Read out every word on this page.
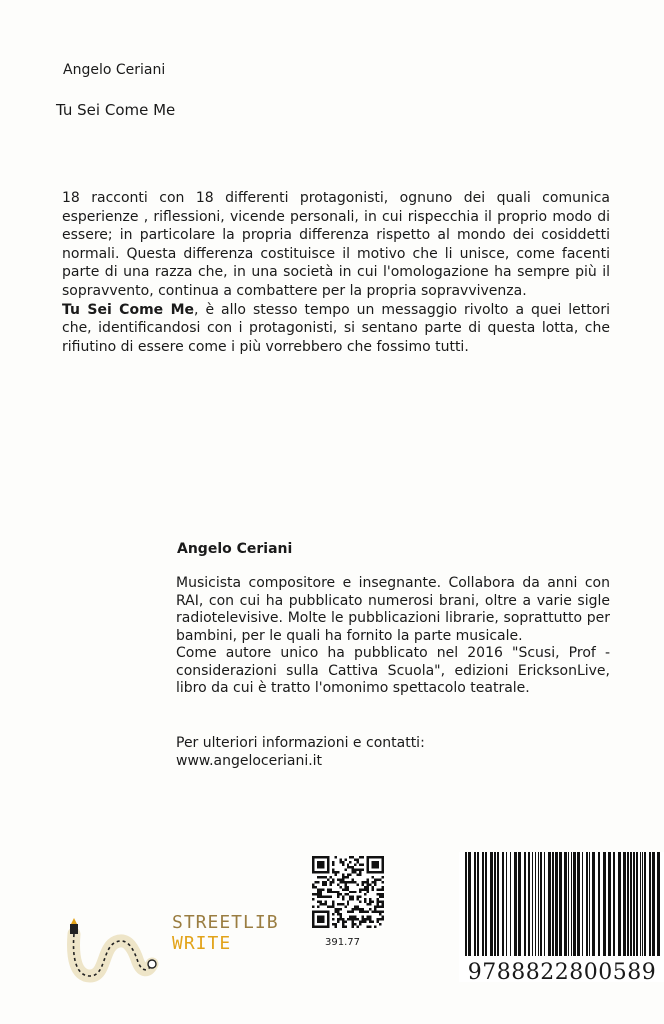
Angelo Ceriani
Tu Sei Come Me

18 racconti con 18 differenti protagonisti, ognuno dei quali comunica esperienze , riflessioni, vicende personali, in cui rispecchia il proprio modo di essere; in particolare la propria differenza rispetto al mondo dei cosiddetti normali. Questa differenza costituisce il motivo che li unisce, come facenti parte di una razza che, in una società in cui l'omologazione ha sempre più il sopravvento, continua a combattere per la propria sopravvivenza.

Tu Sei Come Me, è allo stesso tempo un messaggio rivolto a quei lettori che, identificandosi con i protagonisti, si sentano parte di questa lotta, che rifiutino di essere come i più vorrebbero che fossimo tutti.

Angelo Ceriani

Musicista compositore e insegnante. Collabora da anni con RAI, con cui ha pubblicato numerosi brani, oltre a varie sigle radiotelevisive. Molte le pubblicazioni librarie, soprattutto per bambini, per le quali ha fornito la parte musicale.

Come autore unico ha pubblicato nel 2016 "Scusi, Prof - considerazioni sulla Cattiva Scuola", edizioni EricksonLive, libro da cui è tratto l'omonimo spettacolo teatrale.

Per ulteriori informazioni e contatti:
www.angeloceriani.it
391.77
STREETLIB
WRITE
9788822800589
